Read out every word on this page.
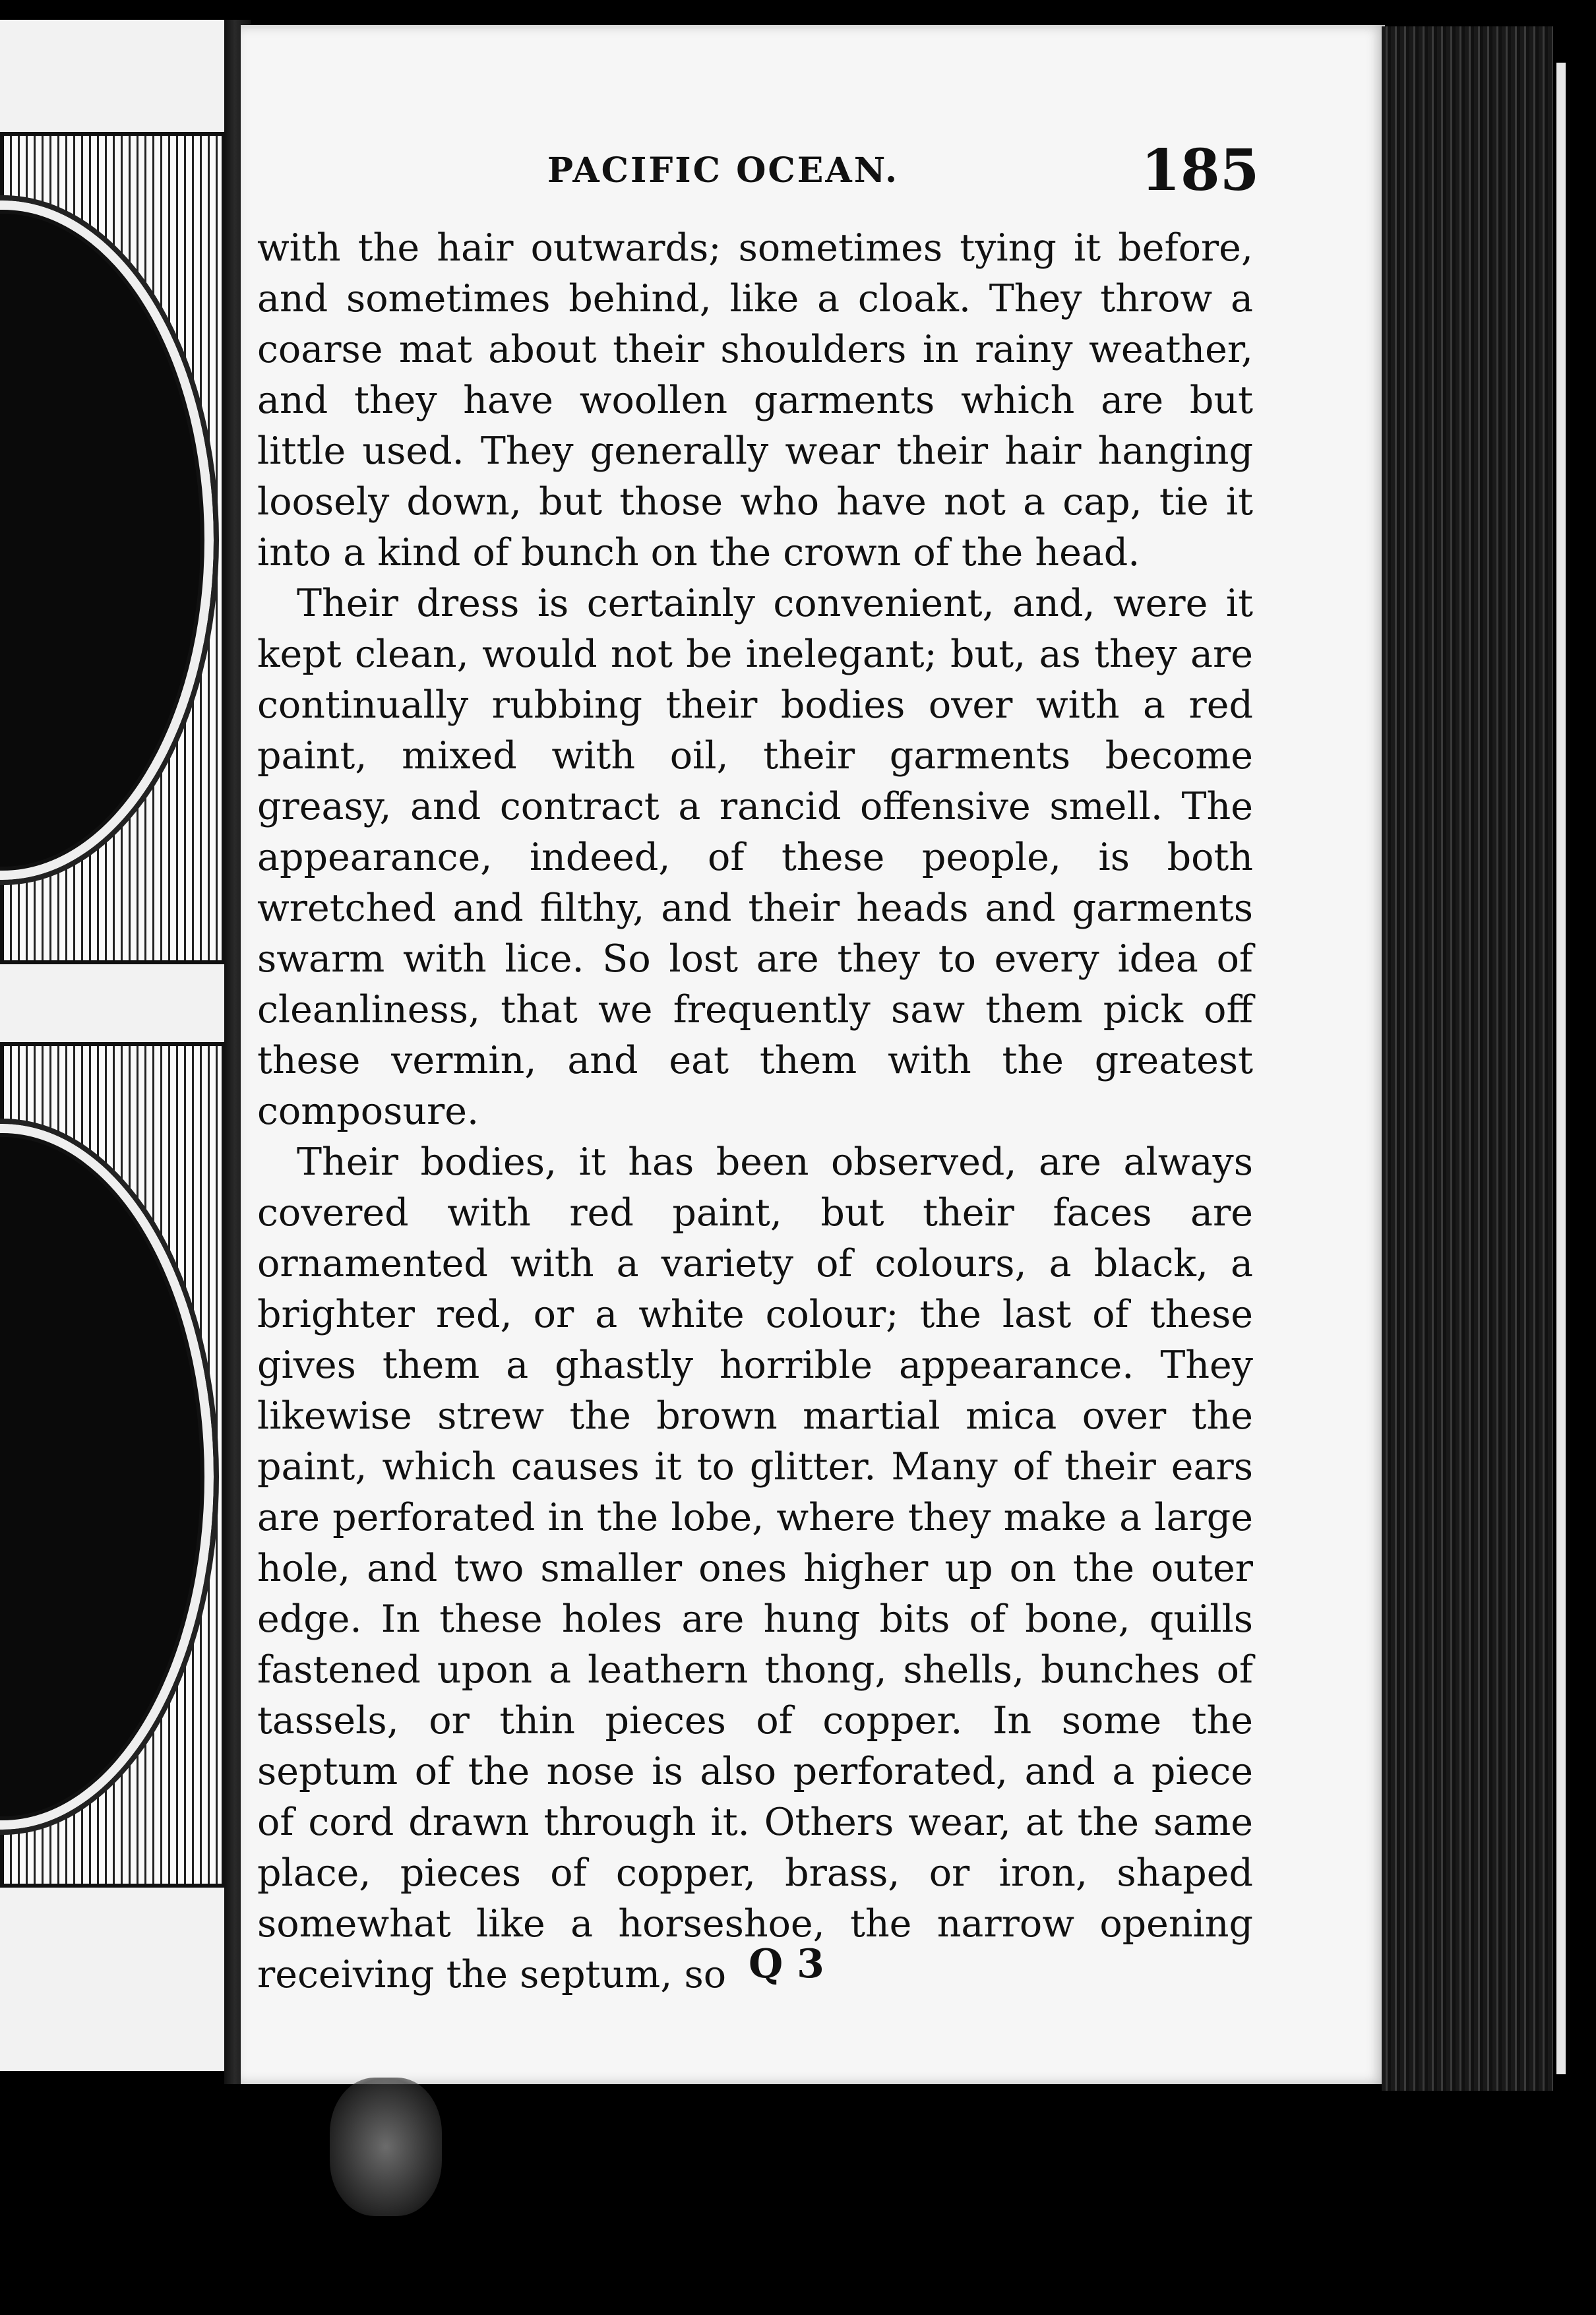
PACIFIC OCEAN.	185

with the hair outwards; sometimes tying it before, and sometimes behind, like a cloak. They throw a coarse mat about their shoulders in rainy weather, and they have woollen garments which are but little used. They generally wear their hair hanging loosely down, but those who have not a cap, tie it into a kind of bunch on the crown of the head.

Their dress is certainly convenient, and, were it kept clean, would not be inelegant; but, as they are continually rubbing their bodies over with a red paint, mixed with oil, their garments become greasy, and contract a rancid offensive smell. The appearance, indeed, of these people, is both wretched and filthy, and their heads and garments swarm with lice. So lost are they to every idea of cleanliness, that we frequently saw them pick off these vermin, and eat them with the greatest composure.

Their bodies, it has been observed, are always covered with red paint, but their faces are ornamented with a variety of colours, a black, a brighter red, or a white colour; the last of these gives them a ghastly horrible appearance. They likewise strew the brown martial mica over the paint, which causes it to glitter. Many of their ears are perforated in the lobe, where they make a large hole, and two smaller ones higher up on the outer edge. In these holes are hung bits of bone, quills fastened upon a leathern thong, shells, bunches of tassels, or thin pieces of copper. In some the septum of the nose is also perforated, and a piece of cord drawn through it. Others wear, at the same place, pieces of copper, brass, or iron, shaped somewhat like a horseshoe, the narrow opening receiving the septum, so Q 3
